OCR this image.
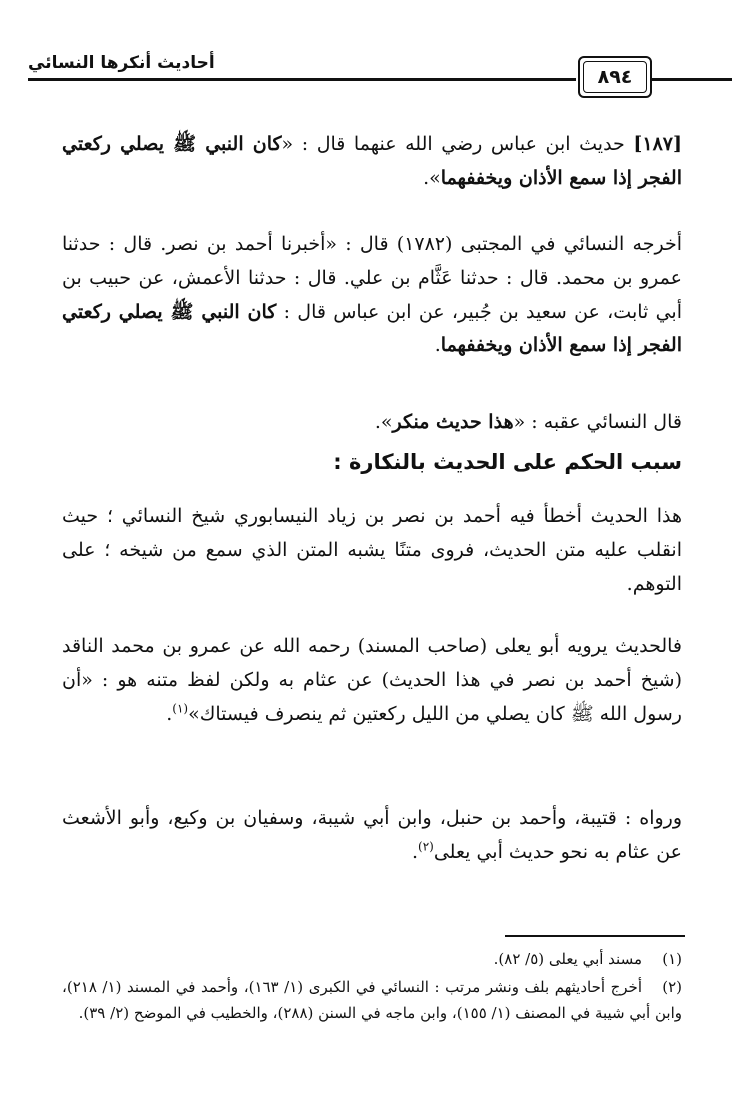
أحاديث أنكرها النسائي
٨٩٤
[١٨٧] حديث ابن عباس رضي الله عنهما قال : «كان النبي ﷺ يصلي ركعتي الفجر إذا سمع الأذان ويخففهما».
أخرجه النسائي في المجتبى (١٧٨٢) قال : «أخبرنا أحمد بن نصر. قال : حدثنا عمرو بن محمد. قال : حدثنا عَثَّام بن علي. قال : حدثنا الأعمش، عن حبيب بن أبي ثابت، عن سعيد بن جُبير، عن ابن عباس قال : كان النبي ﷺ يصلي ركعتي الفجر إذا سمع الأذان ويخففهما.
قال النسائي عقبه : «هذا حديث منكر».
سبب الحكم على الحديث بالنكارة :
هذا الحديث أخطأ فيه أحمد بن نصر بن زياد النيسابوري شيخ النسائي ؛ حيث انقلب عليه متن الحديث، فروى متنًا يشبه المتن الذي سمع من شيخه ؛ على التوهم.
فالحديث يرويه أبو يعلى (صاحب المسند) رحمه الله عن عمرو بن محمد الناقد (شيخ أحمد بن نصر في هذا الحديث) عن عثام به ولكن لفظ متنه هو : «أن رسول الله ﷺ كان يصلي من الليل ركعتين ثم ينصرف فيستاك»$^{(١)}$.
ورواه : قتيبة، وأحمد بن حنبل، وابن أبي شيبة، وسفيان بن وكيع، وأبو الأشعث عن عثام به نحو حديث أبي يعلى$^{(٢)}$.
(١)مسند أبي يعلى (٥/ ٨٢).
(٢)أخرج أحاديثهم بلف ونشر مرتب : النسائي في الكبرى (١/ ١٦٣)، وأحمد في المسند (١/ ٢١٨)، وابن أبي شيبة في المصنف (١/ ١٥٥)، وابن ماجه في السنن (٢٨٨)، والخطيب في الموضح (٢/ ٣٩).
